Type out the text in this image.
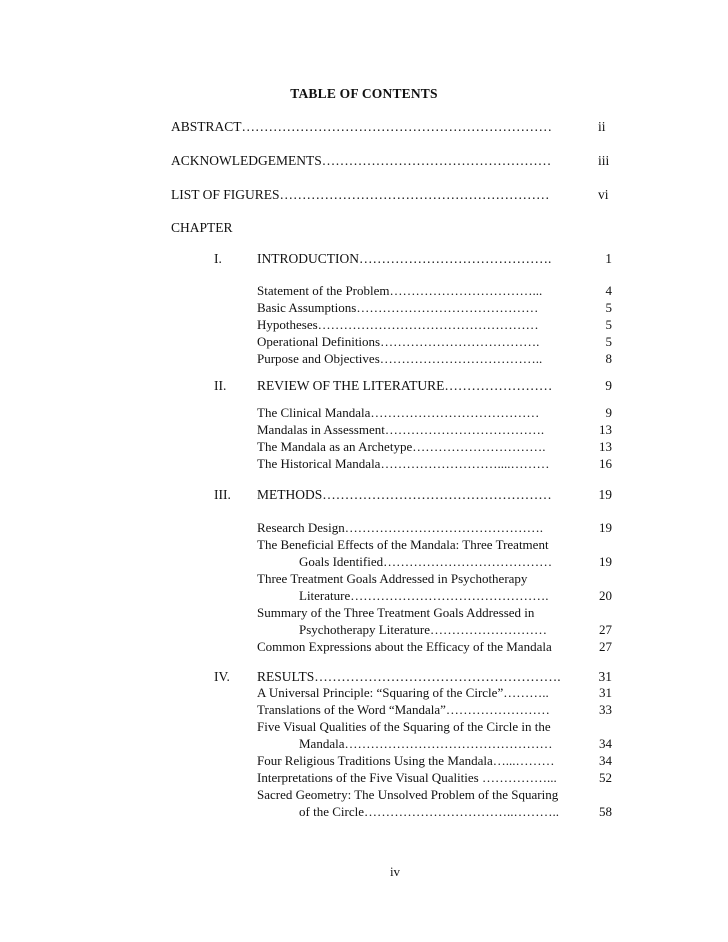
TABLE OF CONTENTS
ABSTRACT……………………………………………………………	ii
ACKNOWLEDGEMENTS……………………………………………	iii
LIST OF FIGURES……………………………………………………	vi
CHAPTER
I.	INTRODUCTION…………………………………….	1
Statement of the Problem……………………………...	4
Basic Assumptions……………………………………	5
Hypotheses……………………………………………	5
Operational Definitions……………………………….	5
Purpose and Objectives………………………………..	8
II. REVIEW OF THE LITERATURE……………………	9
The Clinical Mandala…………………………………	9
Mandalas in Assessment……………………………….	13
The Mandala as an Archetype………………………….	13
The Historical Mandala………………………....………	16
III. METHODS……………………………………………	19
Research Design……………………………………….	19
The Beneficial Effects of the Mandala: Three Treatment
Goals Identified…………………………………	19
Three Treatment Goals Addressed in Psychotherapy
Literature……………………………………….	20
Summary of the Three Treatment Goals Addressed in
Psychotherapy Literature………………………	27
Common Expressions about the Efficacy of the Mandala	27
IV. RESULTS……………………………………………….	31
A Universal Principle: “Squaring of the Circle”………..	31
Translations of the Word “Mandala”……………………	33
Five Visual Qualities of the Squaring of the Circle in the
Mandala…………………………………………	34
Four Religious Traditions Using the Mandala…...………	34
Interpretations of the Five Visual Qualities ……………...	52
Sacred Geometry: The Unsolved Problem of the Squaring
of the Circle……………………………..………..	58
iv
